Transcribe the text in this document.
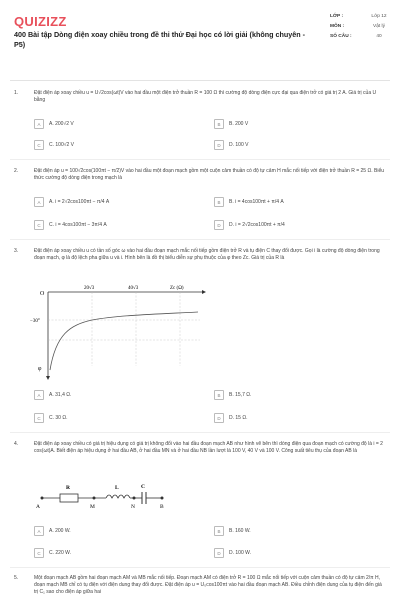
QUIZIZZ
400 Bài tập Dòng điện xoay chiều trong đề thi thử Đại học có lời giải (không chuyên - P5)
LỚP :	Lớp 12
MÔN :	Vật lý
SỐ CÂU :	40
1.	Đặt điện áp xoay chiều u = U√2cos(ωt)V vào hai đầu một điện trở thuần R = 100 Ω thì cường độ dòng điện cực đại qua điện trở có giá trị 2 A. Giá trị của U bằng
A	A. 200√2 V	B	B. 200 V
C	C. 100√2 V	D	D. 100 V
2.	Đặt điện áp u = 100√2cos(100πt − π/2)V vào hai đầu một đoạn mạch gồm một cuộn cảm thuần có độ tự cảm H mắc nối tiếp với điện trở thuần R = 25 Ω. Biểu thức cường độ dòng điện trong mạch là
A	A. i = 2√2cos100πt − π/4 A	B	B. i = 4cos100πt + π/4 A
C	C. i = 4cos100πt − 3π/4 A	D	D. i = 2√2cos100πt + π/4
3.	Đặt điện áp xoay chiều u có tần số góc ω vào hai đầu đoạn mạch mắc nối tiếp gồm điện trở R và tụ điện C thay đổi được. Gọi i là cường độ dòng điện trong đoạn mạch, φ là độ lệch pha giữa u và i. Hình bên là đồ thị biểu diễn sự phụ thuộc của φ theo Zc. Giá trị của R là
O
20√3	40√3	Zc (Ω)
−30°
φ
A	A. 31,4 Ω.	B	B. 15,7 Ω.
C	C. 30 Ω.	D	D. 15 Ω.
4.	Đặt điện áp xoay chiều có giá trị hiệu dụng có giá trị không đổi vào hai đầu đoạn mạch AB như hình vẽ bên thì dòng điện qua đoạn mạch có cường độ là i = 2 cos(ωt)A. Biết điện áp hiệu dụng ở hai đầu AB, ở hai đầu MN và ở hai đầu NB lần lượt là 100 V, 40 V và 100 V. Công suất tiêu thụ của đoạn AB là
R	L	C
A	M	N	B
A	A. 200 W.	B	B. 160 W.
C	C. 220 W.	D	D. 100 W.
5.	Một đoạn mạch AB gồm hai đoạn mạch AM và MB mắc nối tiếp. Đoạn mạch AM có điện trở R = 100 Ω mắc nối tiếp với cuộn cảm thuần có độ tự cảm 2/π H, đoạn mạch MB chỉ có tụ điện với điện dung thay đổi được. Đặt điện áp u = U₀cos100πt vào hai đầu đoạn mạch AB. Điều chỉnh điện dung của tụ điện đến giá trị C₁ sao cho điện áp giữa hai
